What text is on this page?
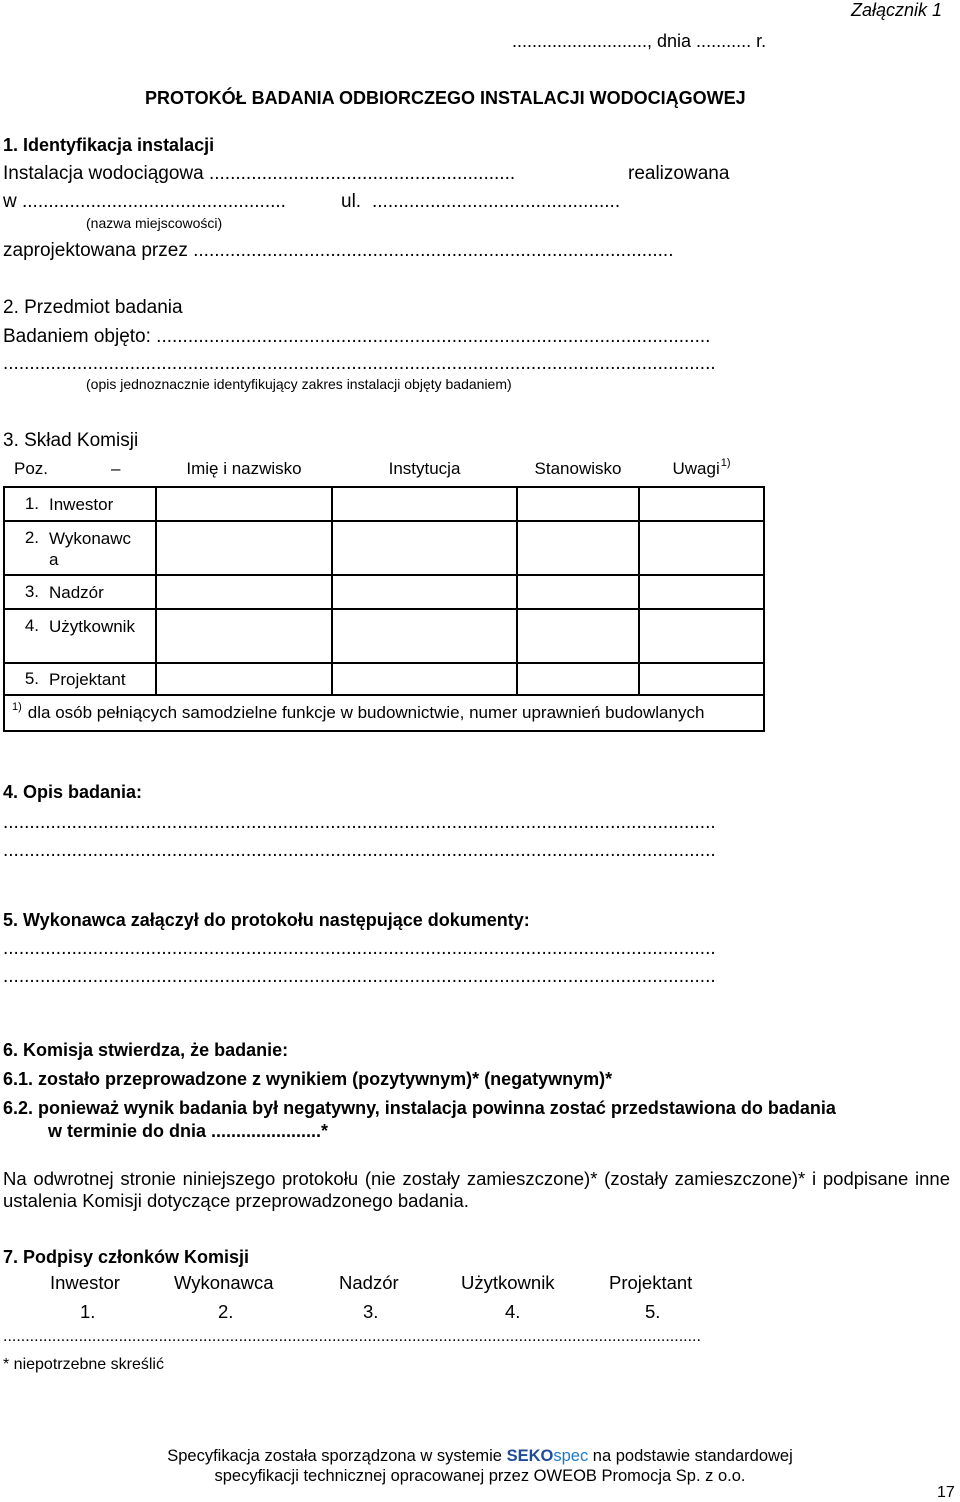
Załącznik 1

..........................., dnia ........... r.

PROTOKÓŁ BADANIA ODBIORCZEGO INSTALACJI WODOCIĄGOWEJ

1. Identyfikacja instalacji

Instalacja wodociągowa ..........................................................	realizowana

w ..................................................	ul. ...............................................

(nazwa miejscowości)

zaprojektowana przez ...........................................................................................

2. Przedmiot badania

Badaniem objęto: .........................................................................................................

.......................................................................................................................................

(opis jednoznacznie identyfikujący zakres instalacji objęty badaniem)

3. Skład Komisji

Poz.	–	Imię i nazwisko	Instytucja	Stanowisko	Uwagi$^{1)}$
1. Inwestor					
2. Wykonawca					
3. Nadzór					
4. Użytkownik					
5. Projektant					
$^{1)}$ dla osób pełniących samodzielne funkcje w budownictwie, numer uprawnień budowlanych					

4. Opis badania:

.......................................................................................................................................

.......................................................................................................................................

5. Wykonawca załączył do protokołu następujące dokumenty:

.......................................................................................................................................

.......................................................................................................................................

6. Komisja stwierdza, że badanie:

6.1. zostało przeprowadzone z wynikiem (pozytywnym)* (negatywnym)*

6.2. ponieważ wynik badania był negatywny, instalacja powinna zostać przedstawiona do badania

w terminie do dnia ......................*

Na odwrotnej stronie niniejszego protokołu (nie zostały zamieszczone)* (zostały zamieszczone)* i podpisane inne ustalenia Komisji dotyczące przeprowadzonego badania.

7. Podpisy członków Komisji

Inwestor	Wykonawca	Nadzór	Użytkownik	Projektant
1.	2.	3.	4.	5.

.............................................................................................................................................................

* niepotrzebne skreślić

Specyfikacja została sporządzona w systemie SEKOspec na podstawie standardowej
specyfikacji technicznej opracowanej przez OWEOB Promocja Sp. z o.o.

17
